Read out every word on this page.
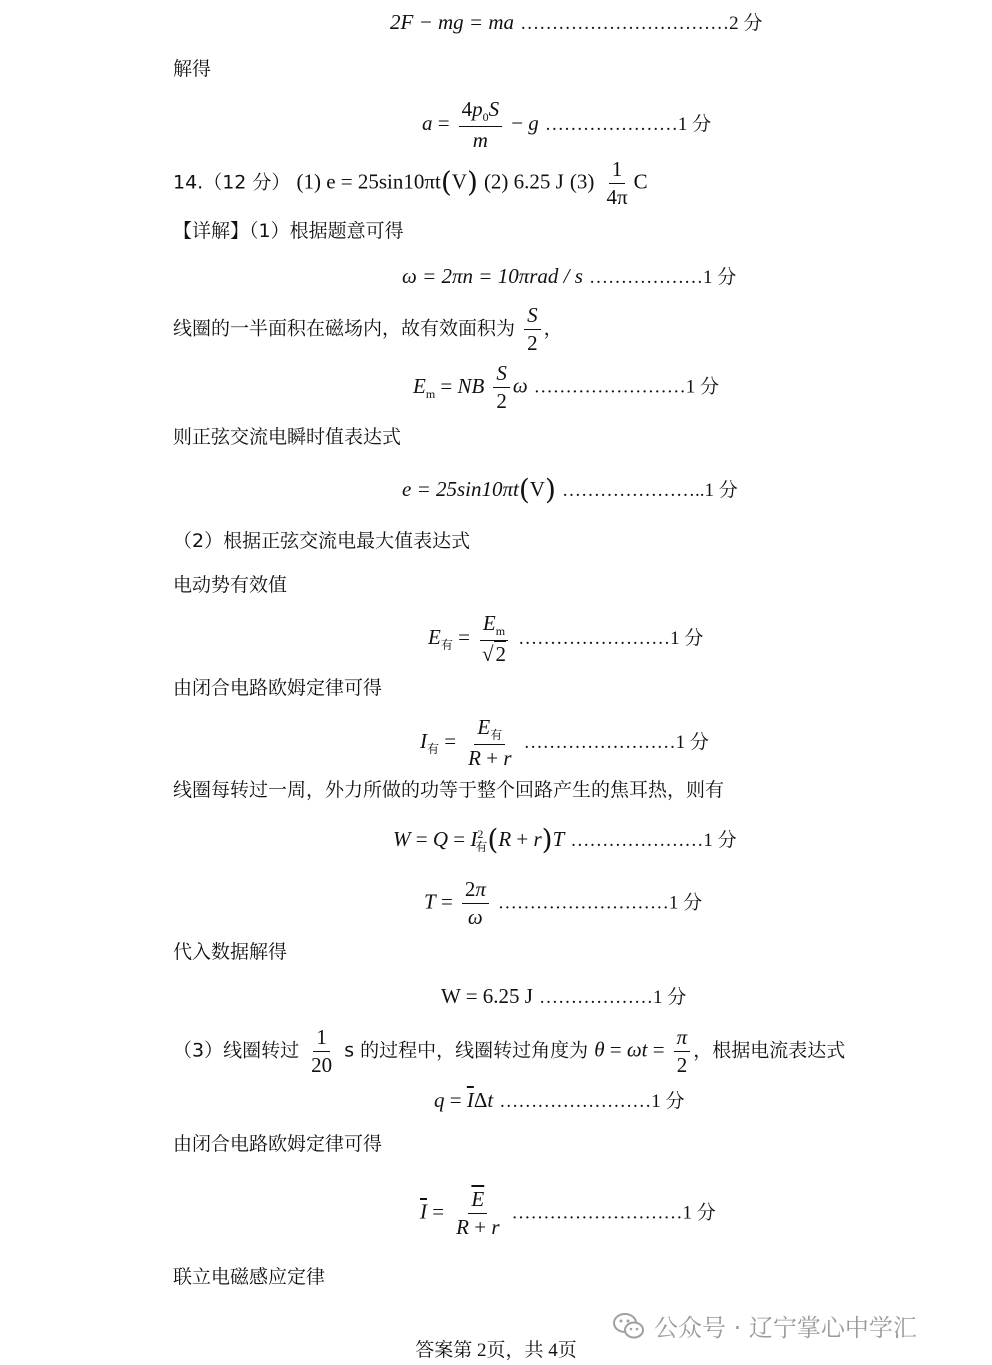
2F − mg = ma ……………………………2 分
解得
$a = \frac{4p_0S}{m} - g$ …………………1 分
14.（12 分） (1) e = 25sin10πt(V) (2) 6.25 J $(3) \frac{1}{4\pi}$ C
【详解】（1）根据题意可得
ω = 2πn = 10πrad / s ………………1 分
线圈的一半面积在磁场内，故有效面积为 $\frac{S}{2}$ ，
$E_m$ = NB $\frac{S}{2}$ ω ……………………1 分
则正弦交流电瞬时值表达式
e = 25sin10πt(V) …………………..1 分
（2）根据正弦交流电最大值表达式
电动势有效值
$E_有 = \frac{E_m}{√2}$ ……………………1 分
由闭合电路欧姆定律可得
$I_有 = \frac{E_有}{R + r}$ ……………………1 分
线圈每转过一周，外力所做的功等于整个回路产生的焦耳热，则有
$W = Q = I^2_有(R + r)T$ …………………1 分
$T = \frac{2\pi}{\omega}$ ………………………1 分
代入数据解得
W = 6.25 J ………………1 分
（3）线圈转过 $\frac{1}{20}$ s 的过程中，线圈转过角度为 $\theta = \omega t = \frac{\pi}{2}$ ，根据电流表达式
$q = \overline{I}\Delta t$ ……………………1 分
由闭合电路欧姆定律可得
$\overline{I} = \frac{\overline{E}}{R + r}$ ………………………1 分
联立电磁感应定律
公众号 · 辽宁掌心中学汇
答案第 2页，共 4页
